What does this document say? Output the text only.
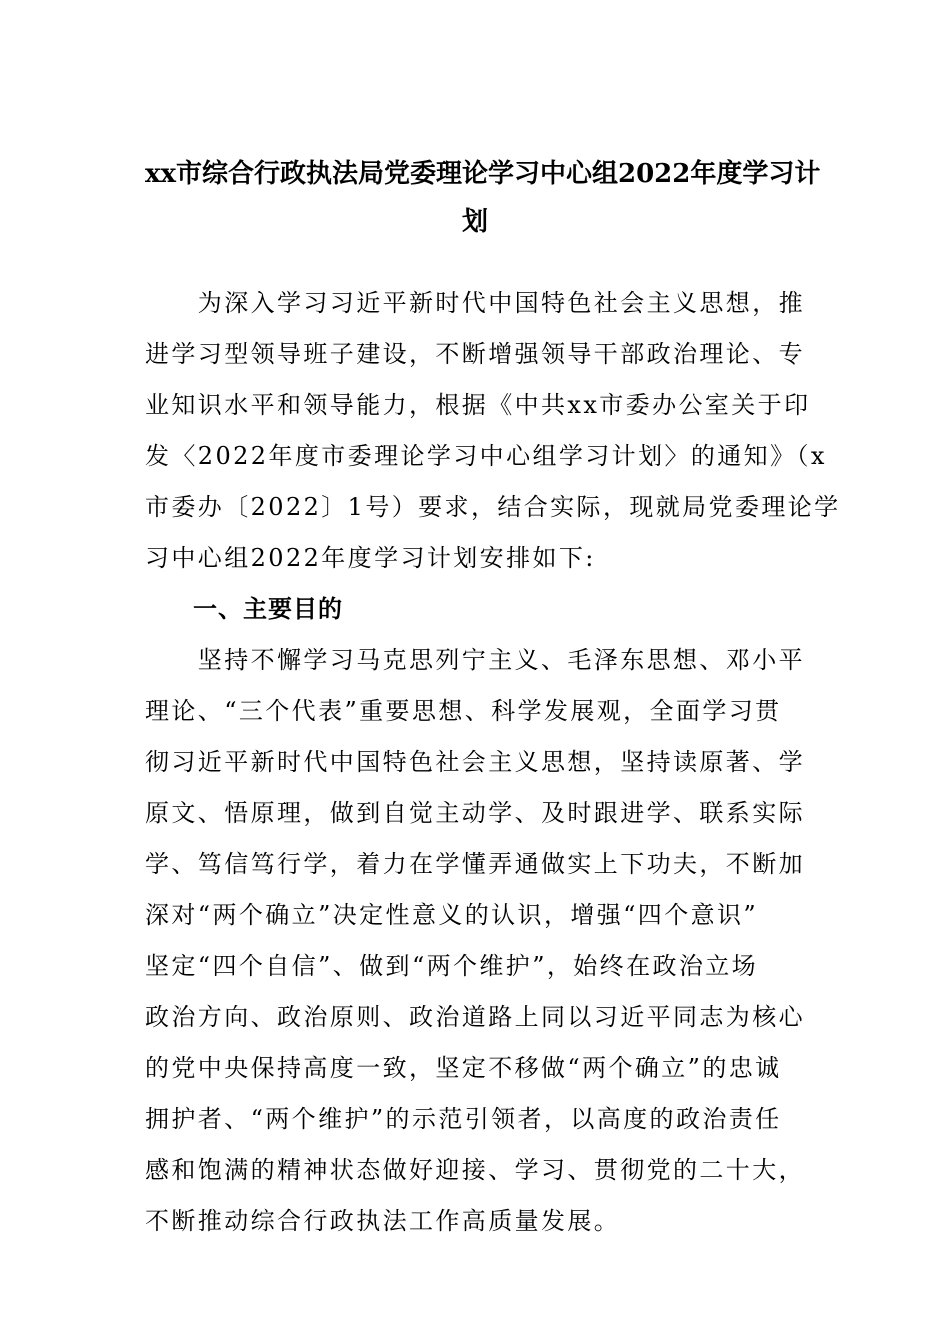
xx市综合行政执法局党委理论学习中心组2022年度学习计
划
　　为深入学习习近平新时代中国特色社会主义思想，推
进学习型领导班子建设，不断增强领导干部政治理论、专
业知识水平和领导能力，根据《中共xx市委办公室关于印
发〈2022年度市委理论学习中心组学习计划〉的通知》（x
市委办〔2022〕1号）要求，结合实际，现就局党委理论学
习中心组2022年度学习计划安排如下:
一、主要目的
　　坚持不懈学习马克思列宁主义、毛泽东思想、邓小平
理论、“三个代表”重要思想、科学发展观，全面学习贯
彻习近平新时代中国特色社会主义思想，坚持读原著、学
原文、悟原理，做到自觉主动学、及时跟进学、联系实际
学、笃信笃行学，着力在学懂弄通做实上下功夫，不断加
深对“两个确立”决定性意义的认识，增强“四个意识”
坚定“四个自信”、做到“两个维护”，始终在政治立场
政治方向、政治原则、政治道路上同以习近平同志为核心
的党中央保持高度一致，坚定不移做“两个确立”的忠诚
拥护者、“两个维护”的示范引领者，以高度的政治责任
感和饱满的精神状态做好迎接、学习、贯彻党的二十大，
不断推动综合行政执法工作高质量发展。
